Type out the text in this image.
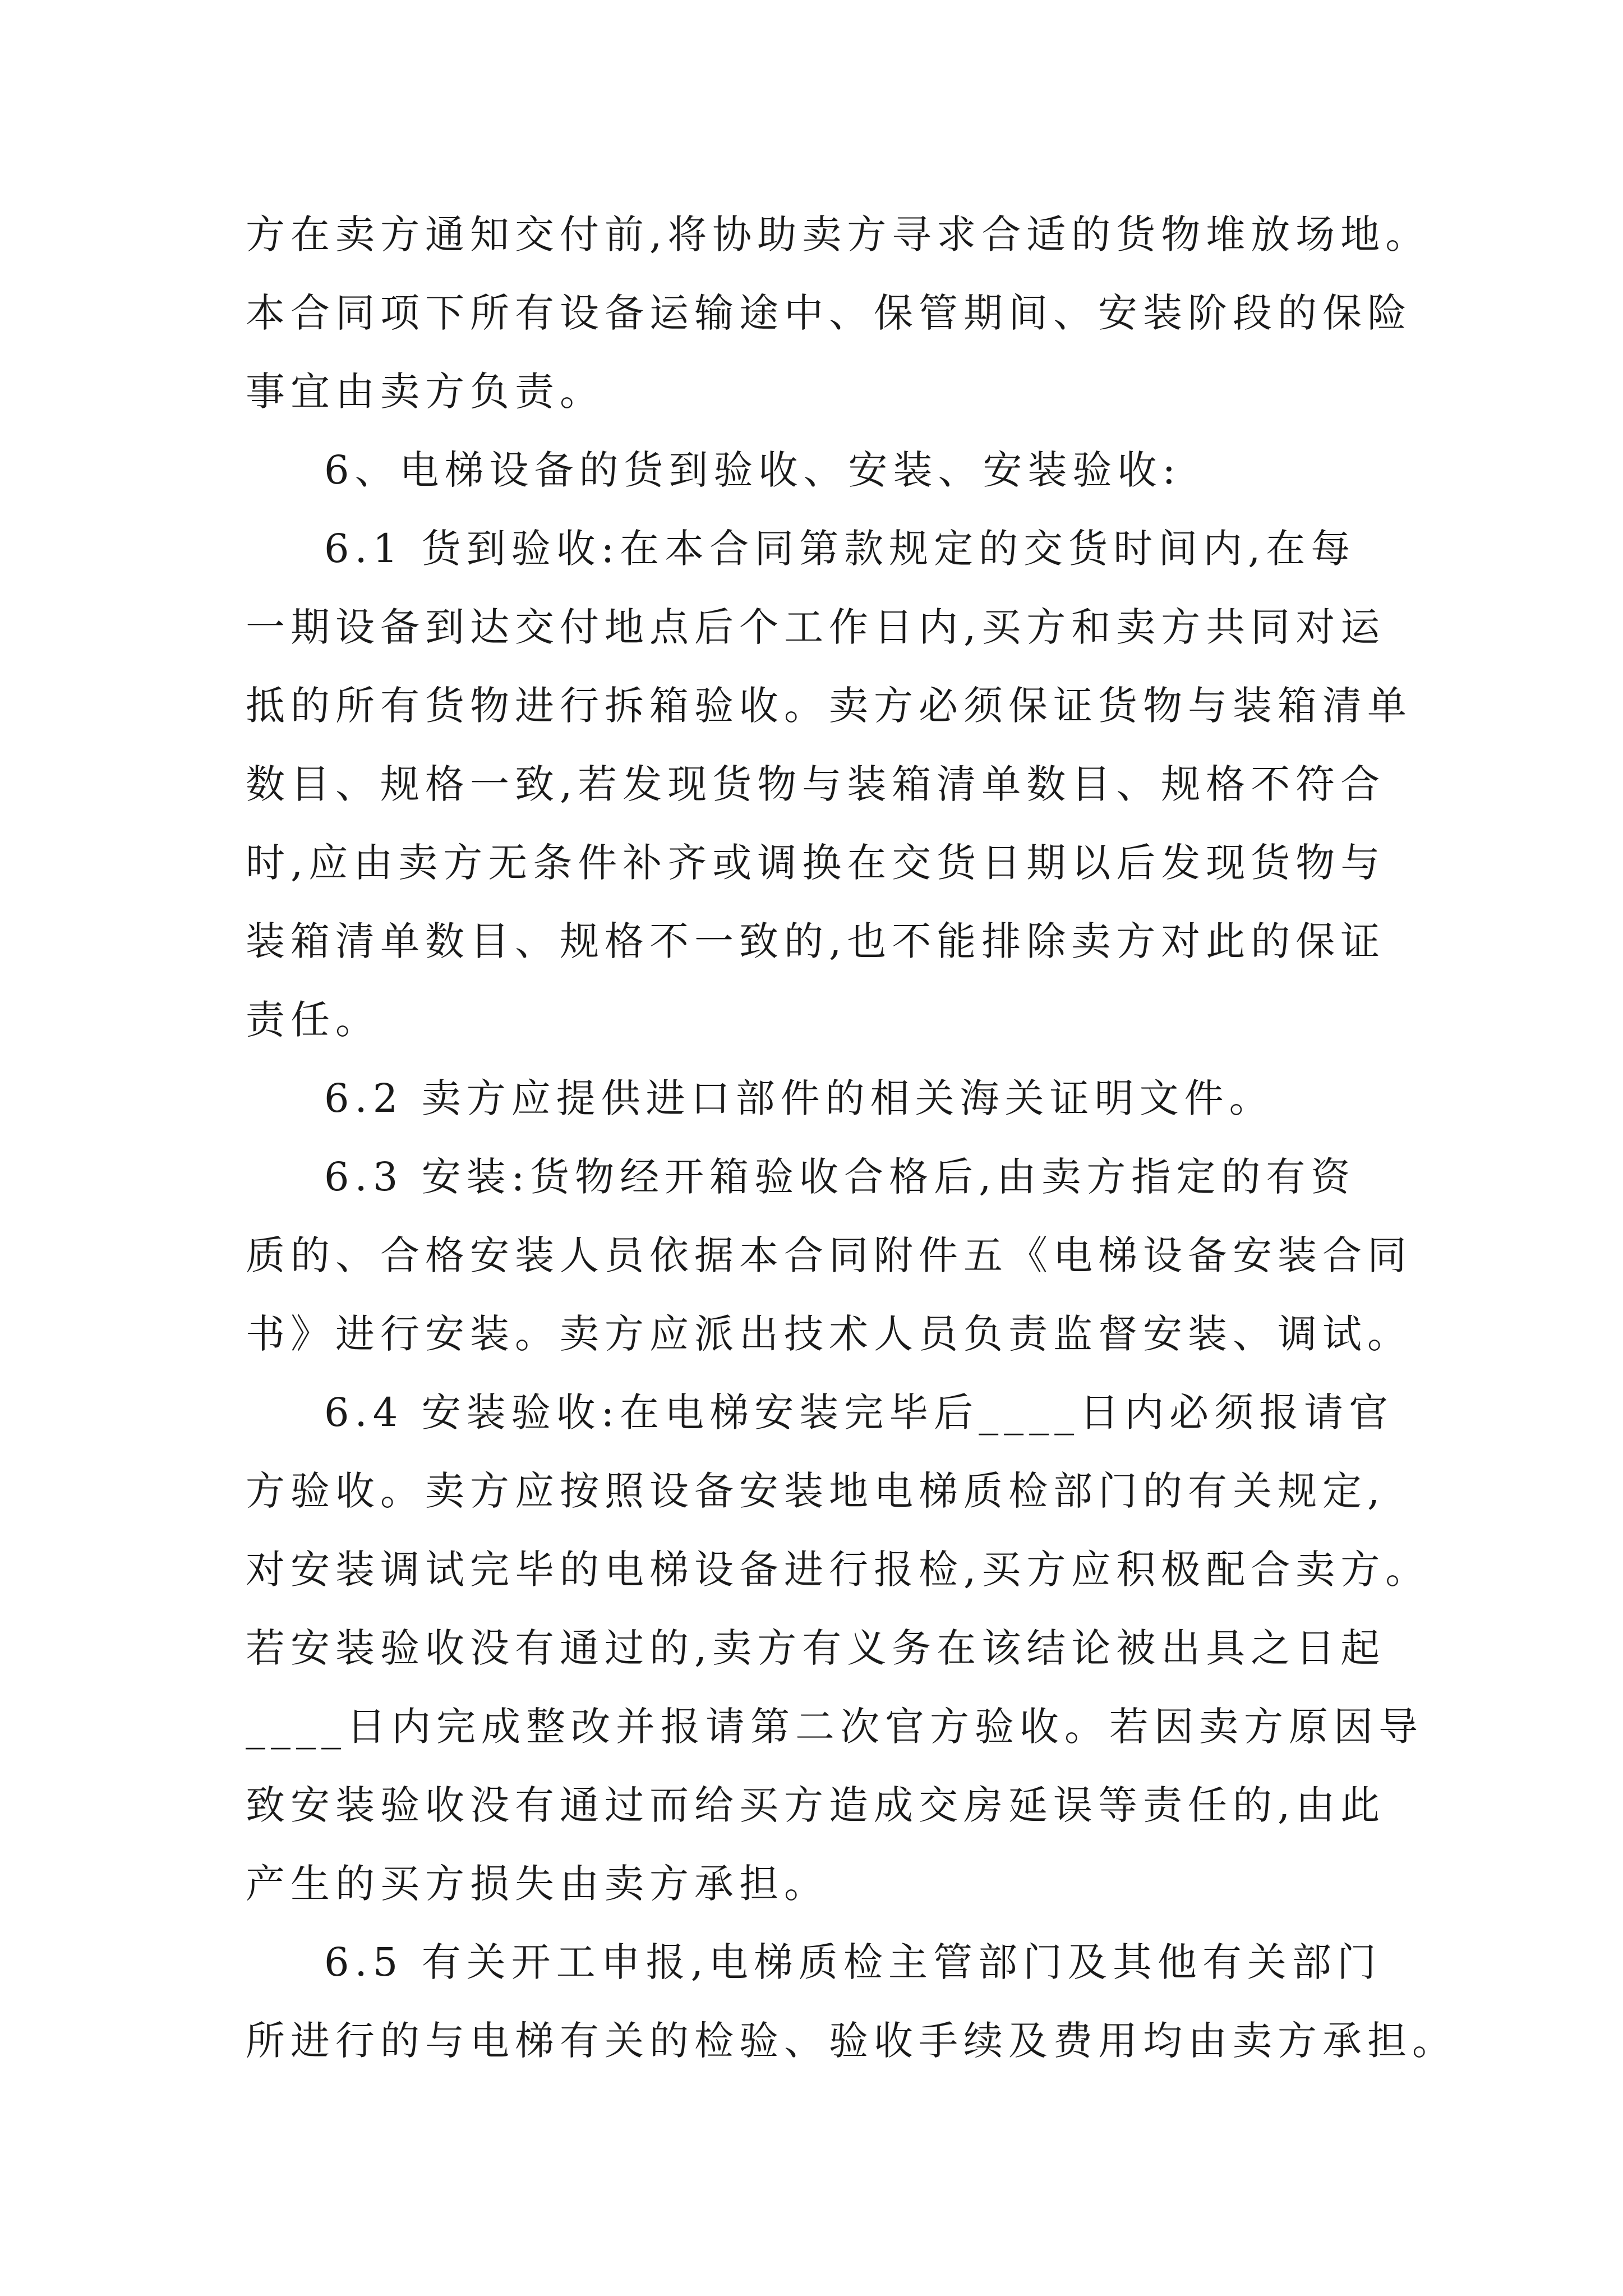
方在卖方通知交付前,将协助卖方寻求合适的货物堆放场地。

本合同项下所有设备运输途中、保管期间、安装阶段的保险

事宜由卖方负责。

6、电梯设备的货到验收、安装、安装验收:

6.1 货到验收:在本合同第款规定的交货时间内,在每

一期设备到达交付地点后个工作日内,买方和卖方共同对运

抵的所有货物进行拆箱验收。卖方必须保证货物与装箱清单

数目、规格一致,若发现货物与装箱清单数目、规格不符合

时,应由卖方无条件补齐或调换在交货日期以后发现货物与

装箱清单数目、规格不一致的,也不能排除卖方对此的保证

责任。

6.2 卖方应提供进口部件的相关海关证明文件。

6.3 安装:货物经开箱验收合格后,由卖方指定的有资

质的、合格安装人员依据本合同附件五《电梯设备安装合同

书》进行安装。卖方应派出技术人员负责监督安装、调试。

6.4 安装验收:在电梯安装完毕后____日内必须报请官

方验收。卖方应按照设备安装地电梯质检部门的有关规定,

对安装调试完毕的电梯设备进行报检,买方应积极配合卖方。

若安装验收没有通过的,卖方有义务在该结论被出具之日起

____日内完成整改并报请第二次官方验收。若因卖方原因导

致安装验收没有通过而给买方造成交房延误等责任的,由此

产生的买方损失由卖方承担。

6.5 有关开工申报,电梯质检主管部门及其他有关部门

所进行的与电梯有关的检验、验收手续及费用均由卖方承担。
